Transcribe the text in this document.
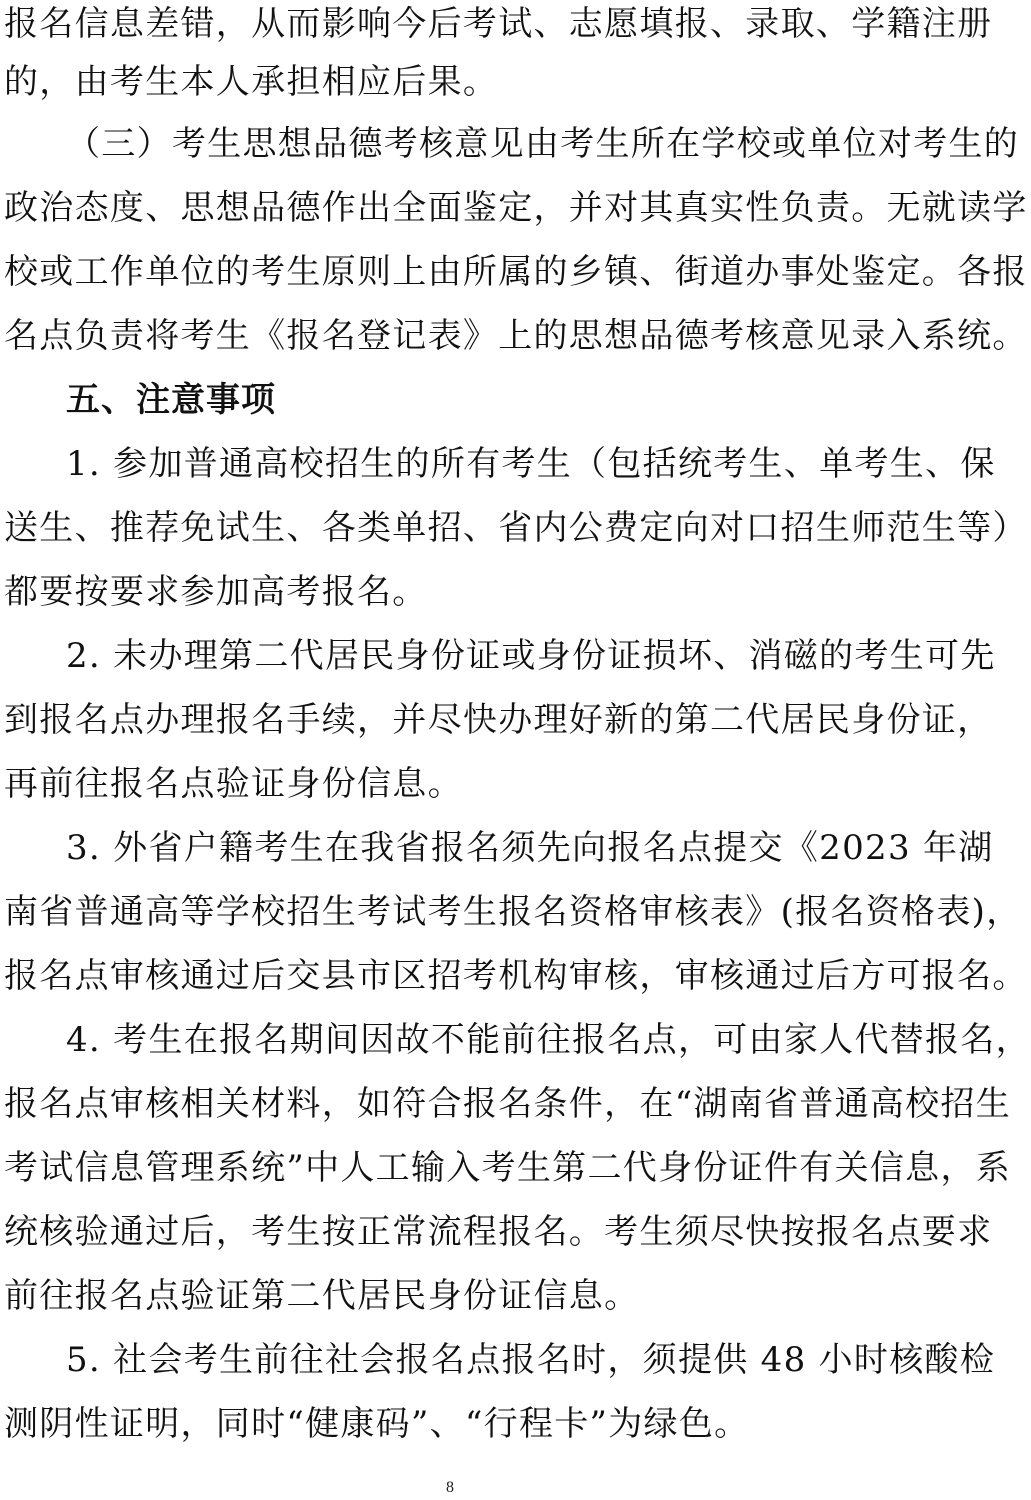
报名信息差错，从而影响今后考试、志愿填报、录取、学籍注册
的，由考生本人承担相应后果。
（三）考生思想品德考核意见由考生所在学校或单位对考生的
政治态度、思想品德作出全面鉴定，并对其真实性负责。无就读学
校或工作单位的考生原则上由所属的乡镇、街道办事处鉴定。各报
名点负责将考生《报名登记表》上的思想品德考核意见录入系统。
五、注意事项
1. 参加普通高校招生的所有考生（包括统考生、单考生、保
送生、推荐免试生、各类单招、省内公费定向对口招生师范生等）
都要按要求参加高考报名。
2. 未办理第二代居民身份证或身份证损坏、消磁的考生可先
到报名点办理报名手续，并尽快办理好新的第二代居民身份证，
再前往报名点验证身份信息。
3. 外省户籍考生在我省报名须先向报名点提交《2023 年湖
南省普通高等学校招生考试考生报名资格审核表》(报名资格表)，
报名点审核通过后交县市区招考机构审核，审核通过后方可报名。
4. 考生在报名期间因故不能前往报名点，可由家人代替报名，
报名点审核相关材料，如符合报名条件，在“湖南省普通高校招生
考试信息管理系统”中人工输入考生第二代身份证件有关信息，系
统核验通过后，考生按正常流程报名。考生须尽快按报名点要求
前往报名点验证第二代居民身份证信息。
5. 社会考生前往社会报名点报名时，须提供 48 小时核酸检
测阴性证明，同时“健康码”、“行程卡”为绿色。
8
